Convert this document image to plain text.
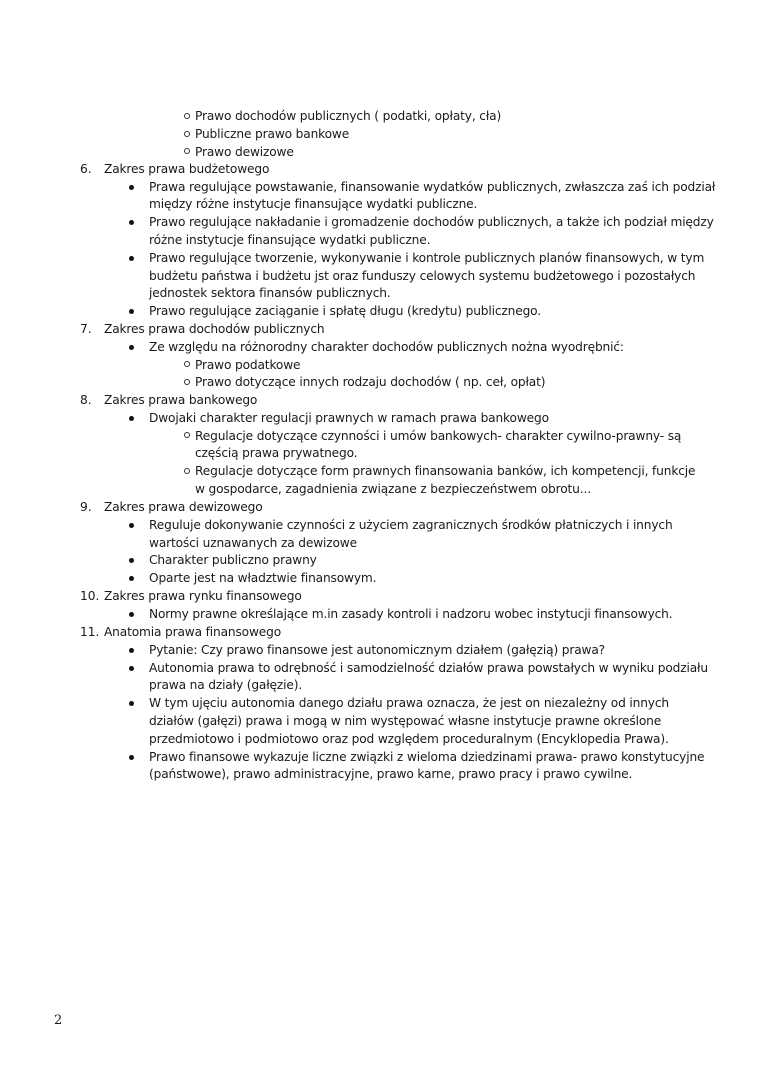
Prawo dochodów publicznych ( podatki, opłaty, cła)
Publiczne prawo bankowe
Prawo dewizowe
6. Zakres prawa budżetowego
Prawa regulujące powstawanie, finansowanie wydatków publicznych, zwłaszcza zaś ich podział
między różne instytucje finansujące wydatki publiczne.
Prawo regulujące nakładanie i gromadzenie dochodów publicznych, a także ich podział między
różne instytucje finansujące wydatki publiczne.
Prawo regulujące tworzenie, wykonywanie i kontrole publicznych planów finansowych, w tym
budżetu państwa i budżetu jst oraz funduszy celowych systemu budżetowego i pozostałych
jednostek sektora finansów publicznych.
Prawo regulujące zaciąganie i spłatę długu (kredytu) publicznego.
7. Zakres prawa dochodów publicznych
Ze względu na różnorodny charakter dochodów publicznych nożna wyodrębnić:
Prawo podatkowe
Prawo dotyczące innych rodzaju dochodów ( np. ceł, opłat)
8. Zakres prawa bankowego
Dwojaki charakter regulacji prawnych w ramach prawa bankowego
Regulacje dotyczące czynności i umów bankowych- charakter cywilno-prawny- są
częścią prawa prywatnego.
Regulacje dotyczące form prawnych finansowania banków, ich kompetencji, funkcje
w gospodarce, zagadnienia związane z bezpieczeństwem obrotu...
9. Zakres prawa dewizowego
Reguluje dokonywanie czynności z użyciem zagranicznych środków płatniczych i innych
wartości uznawanych za dewizowe
Charakter publiczno prawny
Oparte jest na władztwie finansowym.
10. Zakres prawa rynku finansowego
Normy prawne określające m.in zasady kontroli i nadzoru wobec instytucji finansowych.
11. Anatomia prawa finansowego
Pytanie: Czy prawo finansowe jest autonomicznym działem (gałęzią) prawa?
Autonomia prawa to odrębność i samodzielność działów prawa powstałych w wyniku podziału
prawa na działy (gałęzie).
W tym ujęciu autonomia danego działu prawa oznacza, że jest on niezależny od innych
działów (gałęzi) prawa i mogą w nim występować własne instytucje prawne określone
przedmiotowo i podmiotowo oraz pod względem proceduralnym (Encyklopedia Prawa).
Prawo finansowe wykazuje liczne związki z wieloma dziedzinami prawa- prawo konstytucyjne
(państwowe), prawo administracyjne, prawo karne, prawo pracy i prawo cywilne.
2
